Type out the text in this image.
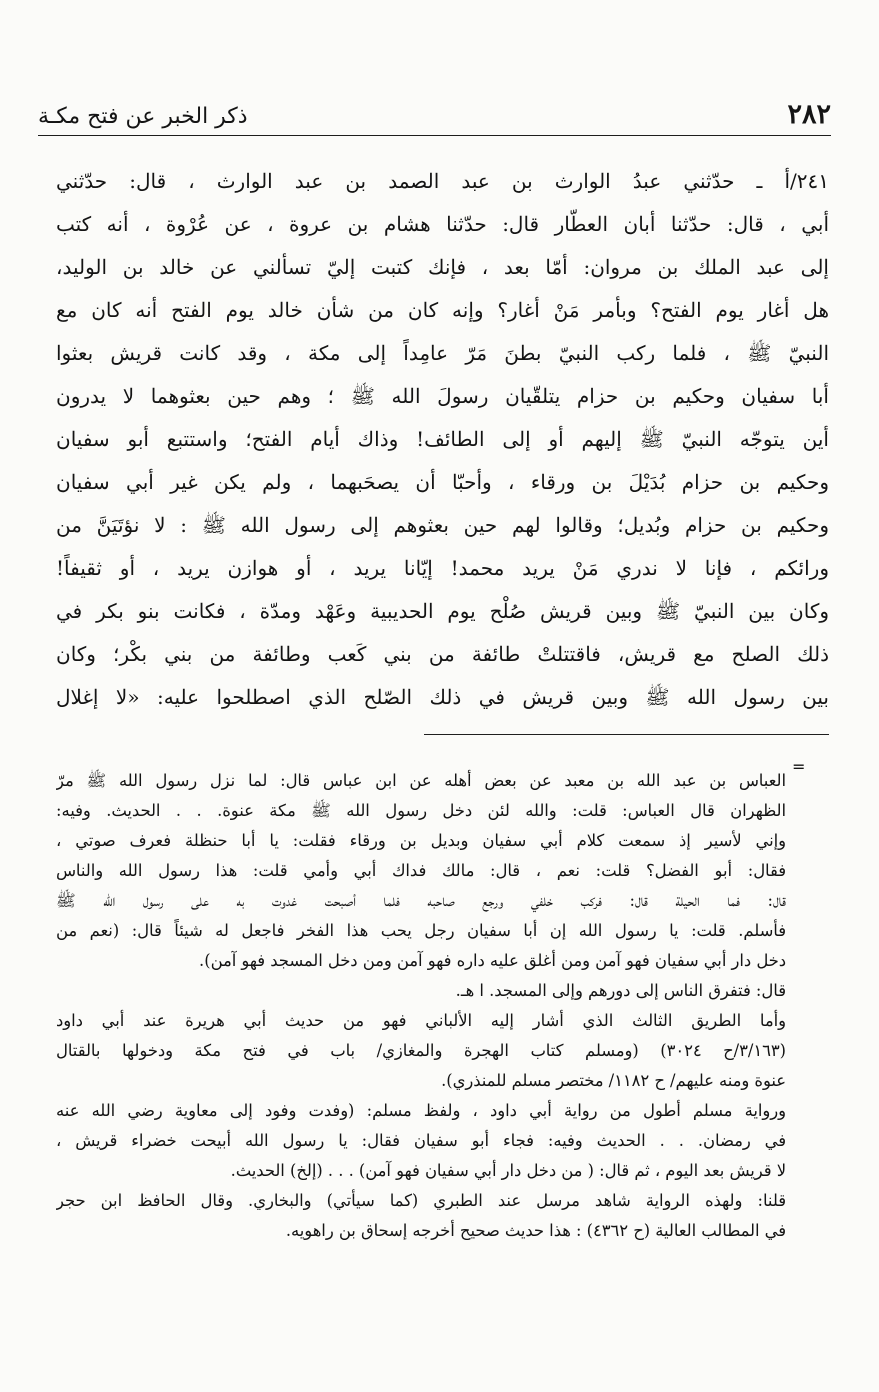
٢٨٢
ذكر الخبر عن فتح مكـة
٢٤١/أ ـ حدّثني عبدُ الوارث بن عبد الصمد بن عبد الوارث ، قال: حدّثني
أبي ، قال: حدّثنا أبان العطّار قال: حدّثنا هشام بن عروة ، عن عُرْوة ، أنه كتب
إلى عبد الملك بن مروان: أمّا بعد ، فإنك كتبت إليّ تسألني عن خالد بن الوليد،
هل أغار يوم الفتح؟ وبأمر مَنْ أغار؟ وإنه كان من شأن خالد يوم الفتح أنه كان مع
النبيّ ﷺ ، فلما ركب النبيّ بطنَ مَرّ عامِداً إلى مكة ، وقد كانت قريش بعثوا
أبا سفيان وحكيم بن حزام يتلقّيان رسولَ الله ﷺ ؛ وهم حين بعثوهما لا يدرون
أين يتوجّه النبيّ ﷺ إليهم أو إلى الطائف! وذاك أيام الفتح؛ واستتبع أبو سفيان
وحكيم بن حزام بُدَيْلَ بن ورقاء ، وأحبّا أن يصحَبهما ، ولم يكن غير أبي سفيان
وحكيم بن حزام وبُديل؛ وقالوا لهم حين بعثوهم إلى رسول الله ﷺ : لا نؤتَيَنَّ من
ورائكم ، فإنا لا ندري مَنْ يريد محمد! إيّانا يريد ، أو هوازن يريد ، أو ثقيفاً!
وكان بين النبيّ ﷺ وبين قريش صُلْح يوم الحديبية وعَهْد ومدّة ، فكانت بنو بكر في
ذلك الصلح مع قريش، فاقتتلتْ طائفة من بني كَعب وطائفة من بني بكْر؛ وكان
بين رسول الله ﷺ وبين قريش في ذلك الصّلح الذي اصطلحوا عليه: «لا إغلال
=
العباس بن عبد الله بن معبد عن بعض أهله عن ابن عباس قال: لما نزل رسول الله ﷺ مرّ
الظهران قال العباس: قلت: والله لئن دخل رسول الله ﷺ مكة عنوة. . . الحديث. وفيه:
وإني لأسير إذ سمعت كلام أبي سفيان وبديل بن ورقاء فقلت: يا أبا حنظلة فعرف صوتي ،
فقال: أبو الفضل؟ قلت: نعم ، قال: مالك فداك أبي وأمي قلت: هذا رسول الله والناس
قال: فما الحيلة قال: فركب خلفي ورجع صاحبه فلما أصبحت غدوت به على رسول الله ﷺ
فأسلم. قلت: يا رسول الله إن أبا سفيان رجل يحب هذا الفخر فاجعل له شيئاً قال: (نعم من
دخل دار أبي سفيان فهو آمن ومن أغلق عليه داره فهو آمن ومن دخل المسجد فهو آمن).
قال: فتفرق الناس إلى دورهم وإلى المسجد. ا هـ.
وأما الطريق الثالث الذي أشار إليه الألباني فهو من حديث أبي هريرة عند أبي داود
(٣/١٦٣/ح ٣٠٢٤) (ومسلم كتاب الهجرة والمغازي/ باب في فتح مكة ودخولها بالقتال
عنوة ومنه عليهم/ ح ١١٨٢/ مختصر مسلم للمنذري).
ورواية مسلم أطول من رواية أبي داود ، ولفظ مسلم: (وفدت وفود إلى معاوية رضي الله عنه
في رمضان. . . الحديث وفيه: فجاء أبو سفيان فقال: يا رسول الله أبيحت خضراء قريش ،
لا قريش بعد اليوم ، ثم قال: ( من دخل دار أبي سفيان فهو آمن) . . . (إلخ) الحديث.
قلنا: ولهذه الرواية شاهد مرسل عند الطبري (كما سيأتي) والبخاري. وقال الحافظ ابن حجر
في المطالب العالية (ح ٤٣٦٢) : هذا حديث صحيح أخرجه إسحاق بن راهويه.
